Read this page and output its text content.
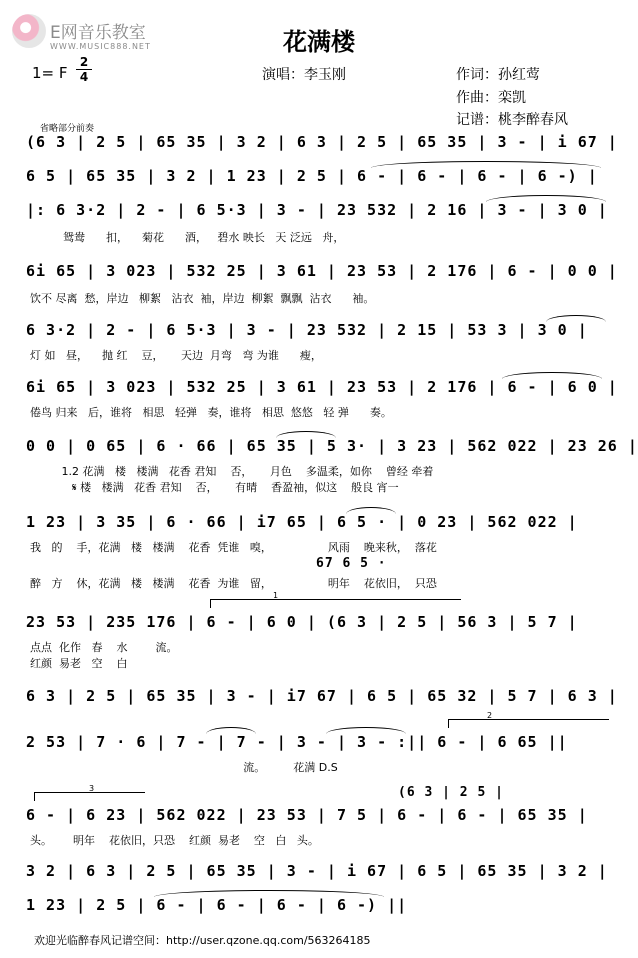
E网音乐教室
WWW.MUSIC888.NET	花满楼
1= F
2
4	演唱：李玉刚	作词：孙红莺
作曲：栾凯
记谱：桃李醉春风
省略部分前奏
(6 3 | 2 5 | 65 35 | 3 2 | 6 3 | 2 5 | 65 35 | 3 - | i 67 |
6 5 | 65 35 | 3 2 | 1 23 | 2 5 | 6 - | 6 - | 6 - | 6 -) |
|: 6 3·2 | 2 - | 6 5·3 | 3 - | 23 532 | 2 16 | 3 - | 3 0 |
鸳鸯      扣，    菊花      酒，   碧水 映长   天 泛远   舟，
6i 65 | 3 023 | 532 25 | 3 61 | 23 53 | 2 176 | 6 - | 0 0 |
饮不 尽离  愁，岸边   柳絮   沾衣  袖，岸边  柳絮  飘飘  沾衣      袖。
6 3·2 | 2 - | 6 5·3 | 3 - | 23 532 | 2 15 | 53 3 | 3 0 |
灯 如   昼，    抛 红    豆，     天边  月弯   弯 为谁      瘦，
6i 65 | 3 023 | 532 25 | 3 61 | 23 53 | 2 176 | 6 - | 6 0 |
倦鸟 归来   后，谁将   相思   轻弹   奏，谁将   相思  悠悠   轻 弹      奏。
0 0 | 0 65 | 6 · 66 | 65 35 | 5 3· | 3 23 | 562 022 | 23 26 |
1.2 花满   楼   楼满   花香 君知    否，     月色    多温柔，如你    曾经 牵着
𝄋 楼   楼满   花香 君知    否，     有晴    香盈袖，似这    般良 宵一
1 23 | 3 35 | 6 · 66 | i7 65 | 6 5 · | 0 23 | 562 022 |
我   的    手，花满   楼   楼满    花香  凭谁   嗅，                风雨    晚来秋，  落花
67 6 5 ·
醉   方    休，花满   楼   楼满    花香  为谁   留，                明年    花依旧，  只恐
1
23 53 | 235 176 | 6 - | 6 0 | (6 3 | 2 5 | 56 3 | 5 7 |
点点  化作   春    水        流。
红颜  易老   空    白
6 3 | 2 5 | 65 35 | 3 - | i7 67 | 6 5 | 65 32 | 5 7 | 6 3 |
2
2 53 | 7 · 6 | 7 - | 7 - | 3 - | 3 - :|| 6 - | 6 65 ||
流。        花满 D.S
3	(6 3 | 2 5 |
6 - | 6 23 | 562 022 | 23 53 | 7 5 | 6 - | 6 - | 65 35 |
头。      明年    花依旧，只恐    红颜  易老    空   白   头。
3 2 | 6 3 | 2 5 | 65 35 | 3 - | i 67 | 6 5 | 65 35 | 3 2 |
1 23 | 2 5 | 6 - | 6 - | 6 - | 6 -) ||
欢迎光临醉春风记谱空间：http://user.qzone.qq.com/563264185
